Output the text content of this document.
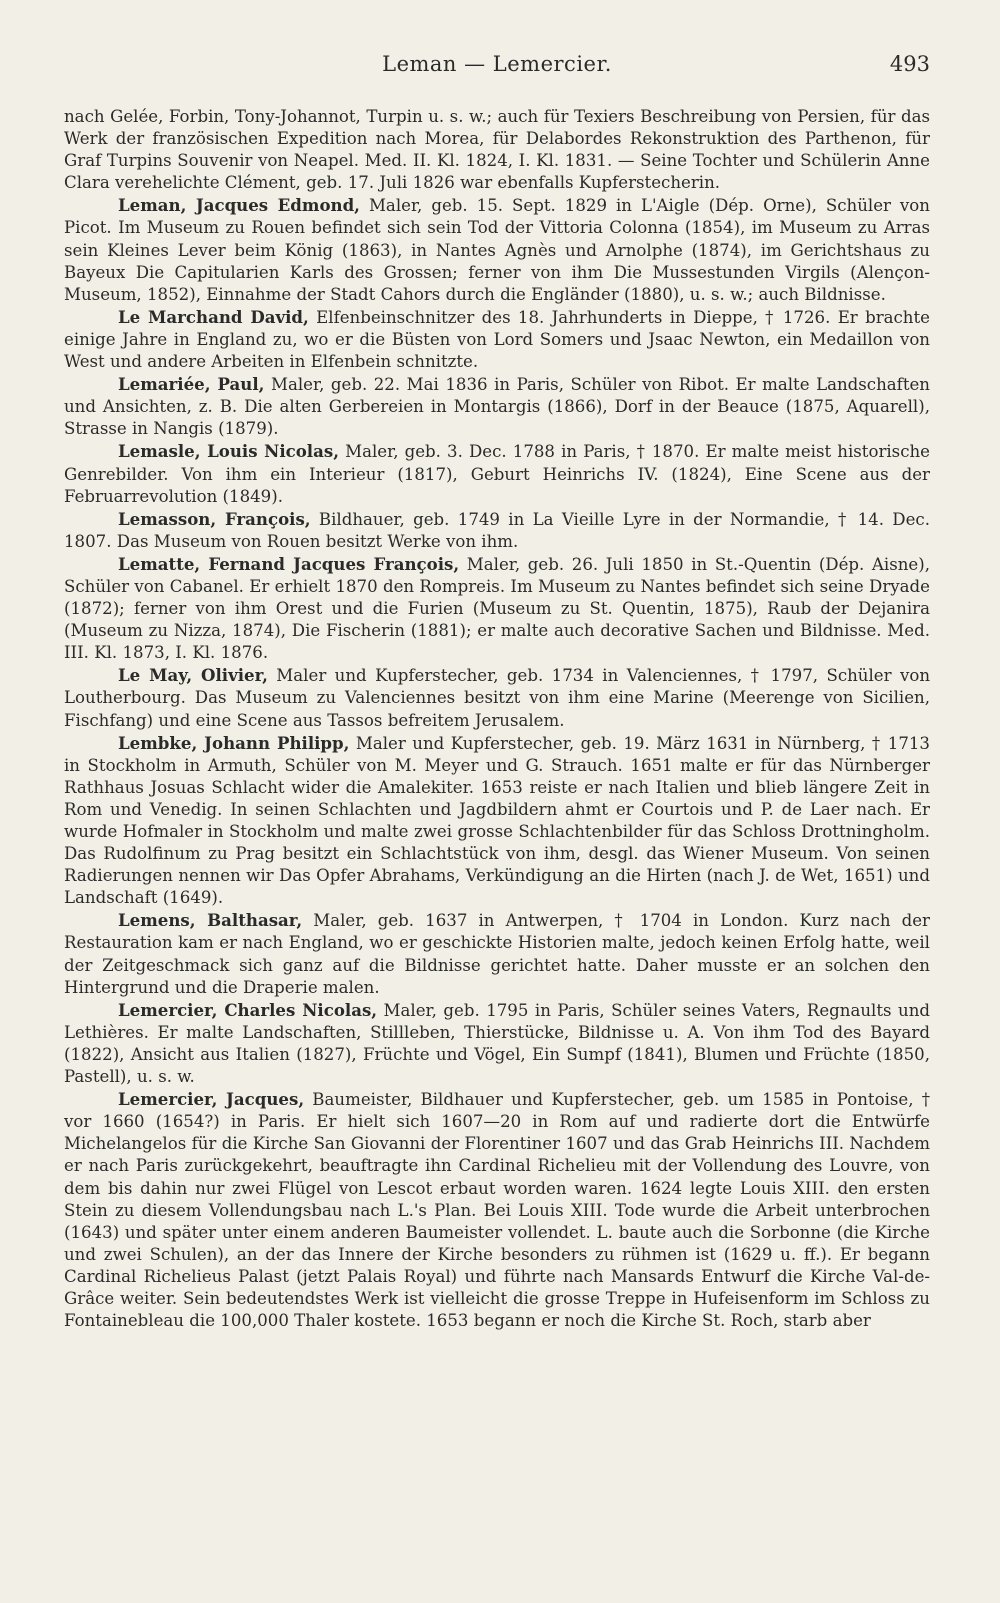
Leman — Lemercier.	493

nach Gelée, Forbin, Tony-Johannot, Turpin u. s. w.; auch für Texiers Beschreibung von Persien, für das Werk der französischen Expedition nach Morea, für Delabordes Rekonstruktion des Parthenon, für Graf Turpins Souvenir von Neapel. Med. II. Kl. 1824, I. Kl. 1831. — Seine Tochter und Schülerin Anne Clara verehelichte Clément, geb. 17. Juli 1826 war ebenfalls Kupferstecherin.

Leman, Jacques Edmond, Maler, geb. 15. Sept. 1829 in L'Aigle (Dép. Orne), Schüler von Picot. Im Museum zu Rouen befindet sich sein Tod der Vittoria Colonna (1854), im Museum zu Arras sein Kleines Lever beim König (1863), in Nantes Agnès und Arnolphe (1874), im Gerichtshaus zu Bayeux Die Capitularien Karls des Grossen; ferner von ihm Die Mussestunden Virgils (Alençon-Museum, 1852), Einnahme der Stadt Cahors durch die Engländer (1880), u. s. w.; auch Bildnisse.

Le Marchand David, Elfenbeinschnitzer des 18. Jahrhunderts in Dieppe, † 1726. Er brachte einige Jahre in England zu, wo er die Büsten von Lord Somers und Jsaac Newton, ein Medaillon von West und andere Arbeiten in Elfenbein schnitzte.

Lemariée, Paul, Maler, geb. 22. Mai 1836 in Paris, Schüler von Ribot. Er malte Landschaften und Ansichten, z. B. Die alten Gerbereien in Montargis (1866), Dorf in der Beauce (1875, Aquarell), Strasse in Nangis (1879).

Lemasle, Louis Nicolas, Maler, geb. 3. Dec. 1788 in Paris, † 1870. Er malte meist historische Genrebilder. Von ihm ein Interieur (1817), Geburt Heinrichs IV. (1824), Eine Scene aus der Februarrevolution (1849).

Lemasson, François, Bildhauer, geb. 1749 in La Vieille Lyre in der Normandie, † 14. Dec. 1807. Das Museum von Rouen besitzt Werke von ihm.

Lematte, Fernand Jacques François, Maler, geb. 26. Juli 1850 in St.-Quentin (Dép. Aisne), Schüler von Cabanel. Er erhielt 1870 den Rompreis. Im Museum zu Nantes befindet sich seine Dryade (1872); ferner von ihm Orest und die Furien (Museum zu St. Quentin, 1875), Raub der Dejanira (Museum zu Nizza, 1874), Die Fischerin (1881); er malte auch decorative Sachen und Bildnisse. Med. III. Kl. 1873, I. Kl. 1876.

Le May, Olivier, Maler und Kupferstecher, geb. 1734 in Valenciennes, † 1797, Schüler von Loutherbourg. Das Museum zu Valenciennes besitzt von ihm eine Marine (Meerenge von Sicilien, Fischfang) und eine Scene aus Tassos befreitem Jerusalem.

Lembke, Johann Philipp, Maler und Kupferstecher, geb. 19. März 1631 in Nürnberg, † 1713 in Stockholm in Armuth, Schüler von M. Meyer und G. Strauch. 1651 malte er für das Nürnberger Rathhaus Josuas Schlacht wider die Amalekiter. 1653 reiste er nach Italien und blieb längere Zeit in Rom und Venedig. In seinen Schlachten und Jagdbildern ahmt er Courtois und P. de Laer nach. Er wurde Hofmaler in Stockholm und malte zwei grosse Schlachtenbilder für das Schloss Drottningholm. Das Rudolfinum zu Prag besitzt ein Schlachtstück von ihm, desgl. das Wiener Museum. Von seinen Radierungen nennen wir Das Opfer Abrahams, Verkündigung an die Hirten (nach J. de Wet, 1651) und Landschaft (1649).

Lemens, Balthasar, Maler, geb. 1637 in Antwerpen, † 1704 in London. Kurz nach der Restauration kam er nach England, wo er geschickte Historien malte, jedoch keinen Erfolg hatte, weil der Zeitgeschmack sich ganz auf die Bildnisse gerichtet hatte. Daher musste er an solchen den Hintergrund und die Draperie malen.

Lemercier, Charles Nicolas, Maler, geb. 1795 in Paris, Schüler seines Vaters, Regnaults und Lethières. Er malte Landschaften, Stillleben, Thierstücke, Bildnisse u. A. Von ihm Tod des Bayard (1822), Ansicht aus Italien (1827), Früchte und Vögel, Ein Sumpf (1841), Blumen und Früchte (1850, Pastell), u. s. w.

Lemercier, Jacques, Baumeister, Bildhauer und Kupferstecher, geb. um 1585 in Pontoise, † vor 1660 (1654?) in Paris. Er hielt sich 1607—20 in Rom auf und radierte dort die Entwürfe Michelangelos für die Kirche San Giovanni der Florentiner 1607 und das Grab Heinrichs III. Nachdem er nach Paris zurückgekehrt, beauftragte ihn Cardinal Richelieu mit der Vollendung des Louvre, von dem bis dahin nur zwei Flügel von Lescot erbaut worden waren. 1624 legte Louis XIII. den ersten Stein zu diesem Vollendungsbau nach L.'s Plan. Bei Louis XIII. Tode wurde die Arbeit unterbrochen (1643) und später unter einem anderen Baumeister vollendet. L. baute auch die Sorbonne (die Kirche und zwei Schulen), an der das Innere der Kirche besonders zu rühmen ist (1629 u. ff.). Er begann Cardinal Richelieus Palast (jetzt Palais Royal) und führte nach Mansards Entwurf die Kirche Val-de-Grâce weiter. Sein bedeutendstes Werk ist vielleicht die grosse Treppe in Hufeisenform im Schloss zu Fontainebleau die 100,000 Thaler kostete. 1653 begann er noch die Kirche St. Roch, starb aber
